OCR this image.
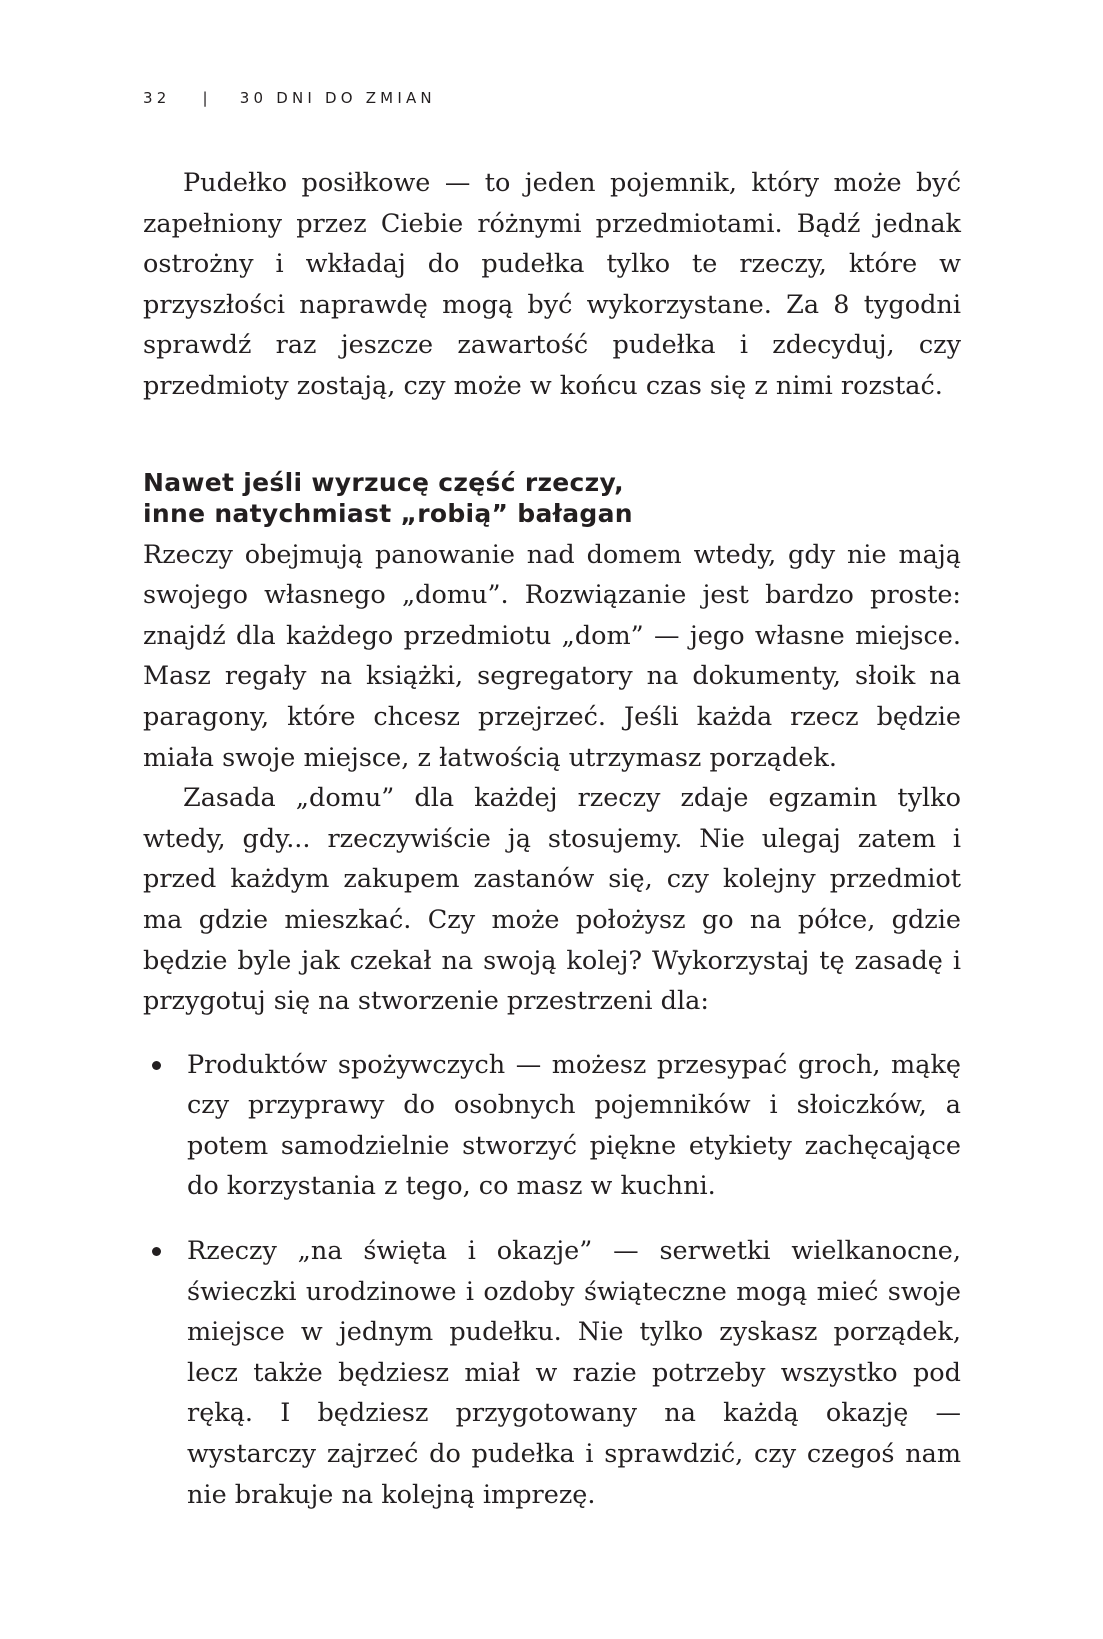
32 | 30 DNI DO ZMIAN

Pudełko posiłkowe — to jeden pojemnik, który może być zapełniony przez Ciebie różnymi przedmiotami. Bądź jednak ostrożny i wkładaj do pudełka tylko te rzeczy, które w przyszłości naprawdę mogą być wykorzystane. Za 8 tygodni sprawdź raz jeszcze zawartość pudełka i zdecyduj, czy przedmioty zostają, czy może w końcu czas się z nimi rozstać.

Nawet jeśli wyrzucę część rzeczy,
inne natychmiast „robią” bałagan

Rzeczy obejmują panowanie nad domem wtedy, gdy nie mają swojego własnego „domu”. Rozwiązanie jest bardzo proste: znajdź dla każdego przedmiotu „dom” — jego własne miejsce. Masz regały na książki, segregatory na dokumenty, słoik na paragony, które chcesz przejrzeć. Jeśli każda rzecz będzie miała swoje miejsce, z łatwością utrzymasz porządek.

Zasada „domu” dla każdej rzeczy zdaje egzamin tylko wtedy, gdy... rzeczywiście ją stosujemy. Nie ulegaj zatem i przed każdym zakupem zastanów się, czy kolejny przedmiot ma gdzie mieszkać. Czy może położysz go na półce, gdzie będzie byle jak czekał na swoją kolej? Wykorzystaj tę zasadę i przygotuj się na stworzenie przestrzeni dla:

Produktów spożywczych — możesz przesypać groch, mąkę czy przyprawy do osobnych pojemników i słoiczków, a potem samodzielnie stworzyć piękne etykiety zachęcające do korzystania z tego, co masz w kuchni.
Rzeczy „na święta i okazje” — serwetki wielkanocne, świeczki urodzinowe i ozdoby świąteczne mogą mieć swoje miejsce w jednym pudełku. Nie tylko zyskasz porządek, lecz także będziesz miał w razie potrzeby wszystko pod ręką. I będziesz przygotowany na każdą okazję — wystarczy zajrzeć do pudełka i sprawdzić, czy czegoś nam nie brakuje na kolejną imprezę.
